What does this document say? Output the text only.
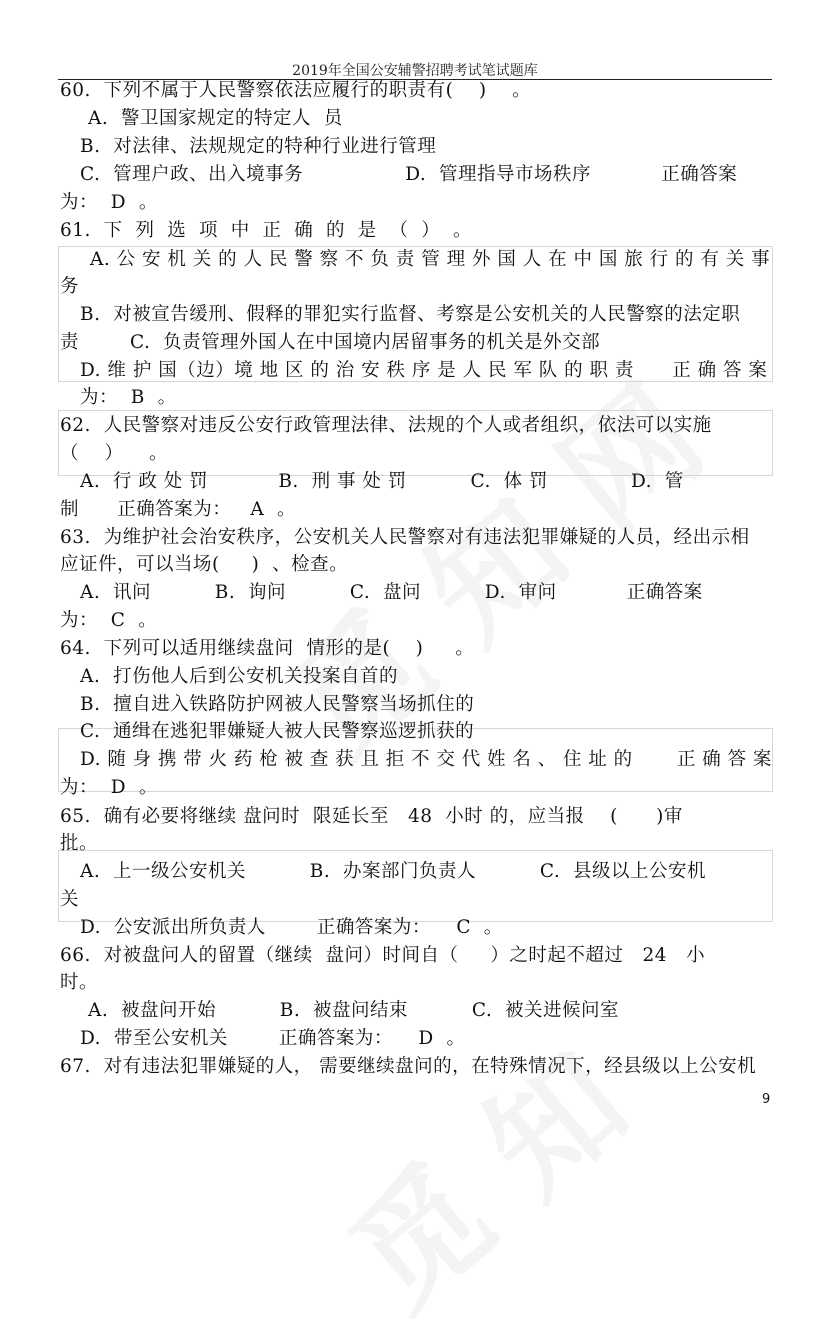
2019年全国公安辅警招聘考试笔试题库
60.  下列不属于人民警察依法应履行的职责有(    )    。
A.  警卫国家规定的特定人  员
B.  对法律、法规规定的特种行业进行管理
C.  管理户政、出入境事务                D.  管理指导市场秩序           正确答案
为：  D  。
61.  下  列  选  项  中  正  确  的  是  （  ）  。
A. 公 安 机 关 的 人 民 警 察 不 负 责 管 理 外 国 人 在 中 国 旅 行 的 有 关 事
务
B.  对被宣告缓刑、假释的罪犯实行监督、考察是公安机关的人民警察的法定职
责        C.  负责管理外国人在中国境内居留事务的机关是外交部
D. 维 护 国（边）境 地 区 的 治 安 秩 序 是 人 民 军 队 的 职 责      正 确 答 案
为：  B  。
62.  人民警察对违反公安行政管理法律、法规的个人或者组织，依法可以实施
（    ）    。
A.  行 政 处 罚           B.  刑 事 处 罚          C.  体 罚             D.  管
制      正确答案为：   A  。
63.  为维护社会治安秩序，公安机关人民警察对有违法犯罪嫌疑的人员，经出示相
应证件，可以当场(     )  、检查。
A.  讯问          B.  询问          C.  盘问          D.  审问           正确答案
为：  C  。
64.  下列可以适用继续盘问  情形的是(    )     。
A.  打伤他人后到公安机关投案自首的
B.  擅自进入铁路防护网被人民警察当场抓住的
C.  通缉在逃犯罪嫌疑人被人民警察巡逻抓获的
D. 随 身 携 带 火 药 枪 被 查 获 且 拒 不 交 代 姓 名 、 住 址 的       正 确 答 案
为：  D  。
65.  确有必要将继续 盘问时  限延长至   48  小时 的，应当报    (      )审
批。
A.  上一级公安机关          B.  办案部门负责人          C.  县级以上公安机
关
D.  公安派出所负责人        正确答案为：    C  。
66.  对被盘问人的留置（继续  盘问）时间自（     ）之时起不超过   24   小
时。
A.  被盘问开始          B.  被盘问结束          C.  被关进候问室
D.  带至公安机关        正确答案为：    D  。
67.  对有违法犯罪嫌疑的人， 需要继续盘问的，在特殊情况下，经县级以上公安机
9
